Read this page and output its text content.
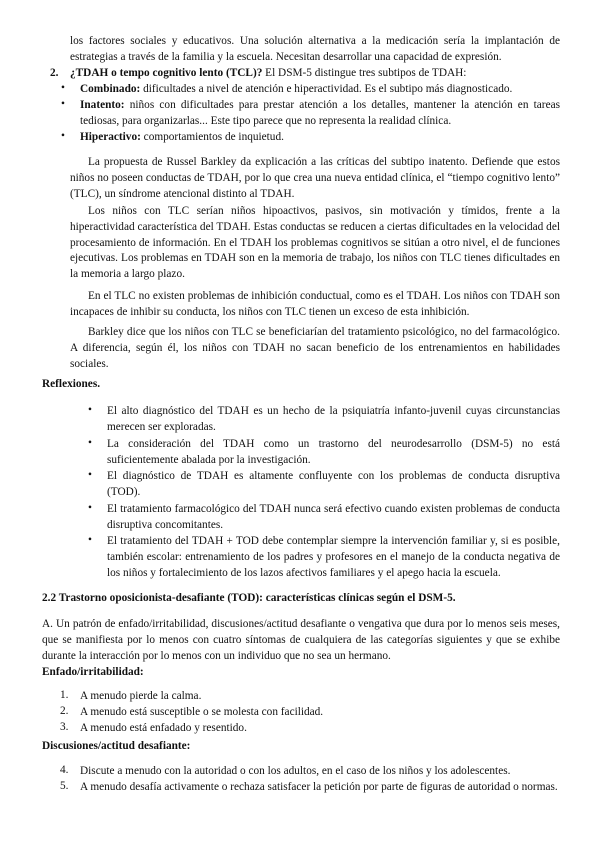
los factores sociales y educativos. Una solución alternativa a la medicación sería la implantación de estrategias a través de la familia y la escuela. Necesitan desarrollar una capacidad de expresión.

2. ¿TDAH o tempo cognitivo lento (TCL)? El DSM-5 distingue tres subtipos de TDAH:

• Combinado: dificultades a nivel de atención e hiperactividad. Es el subtipo más diagnosticado.

• Inatento: niños con dificultades para prestar atención a los detalles, mantener la atención en tareas tediosas, para organizarlas... Este tipo parece que no representa la realidad clínica.

• Hiperactivo: comportamientos de inquietud.

La propuesta de Russel Barkley da explicación a las críticas del subtipo inatento. Defiende que estos niños no poseen conductas de TDAH, por lo que crea una nueva entidad clínica, el “tiempo cognitivo lento” (TLC), un síndrome atencional distinto al TDAH.

Los niños con TLC serían niños hipoactivos, pasivos, sin motivación y tímidos, frente a la hiperactividad característica del TDAH. Estas conductas se reducen a ciertas dificultades en la velocidad del procesamiento de información. En el TDAH los problemas cognitivos se sitúan a otro nivel, el de funciones ejecutivas. Los problemas en TDAH son en la memoria de trabajo, los niños con TLC tienes dificultades en la memoria a largo plazo.

En el TLC no existen problemas de inhibición conductual, como es el TDAH. Los niños con TDAH son incapaces de inhibir su conducta, los niños con TLC tienen un exceso de esta inhibición.

Barkley dice que los niños con TLC se beneficiarían del tratamiento psicológico, no del farmacológico. A diferencia, según él, los niños con TDAH no sacan beneficio de los entrenamientos en habilidades sociales.

Reflexiones.

• El alto diagnóstico del TDAH es un hecho de la psiquiatría infanto-juvenil cuyas circunstancias merecen ser exploradas.

• La consideración del TDAH como un trastorno del neurodesarrollo (DSM-5) no está suficientemente abalada por la investigación.

• El diagnóstico de TDAH es altamente confluyente con los problemas de conducta disruptiva (TOD).

• El tratamiento farmacológico del TDAH nunca será efectivo cuando existen problemas de conducta disruptiva concomitantes.

• El tratamiento del TDAH + TOD debe contemplar siempre la intervención familiar y, si es posible, también escolar: entrenamiento de los padres y profesores en el manejo de la conducta negativa de los niños y fortalecimiento de los lazos afectivos familiares y el apego hacia la escuela.

2.2 Trastorno oposicionista-desafiante (TOD): características clínicas según el DSM-5.

A. Un patrón de enfado/irritabilidad, discusiones/actitud desafiante o vengativa que dura por lo menos seis meses, que se manifiesta por lo menos con cuatro síntomas de cualquiera de las categorías siguientes y que se exhibe durante la interacción por lo menos con un individuo que no sea un hermano.

Enfado/irritabilidad:

1. A menudo pierde la calma.

2. A menudo está susceptible o se molesta con facilidad.

3. A menudo está enfadado y resentido.

Discusiones/actitud desafiante:

4. Discute a menudo con la autoridad o con los adultos, en el caso de los niños y los adolescentes.

5. A menudo desafía activamente o rechaza satisfacer la petición por parte de figuras de autoridad o normas.
